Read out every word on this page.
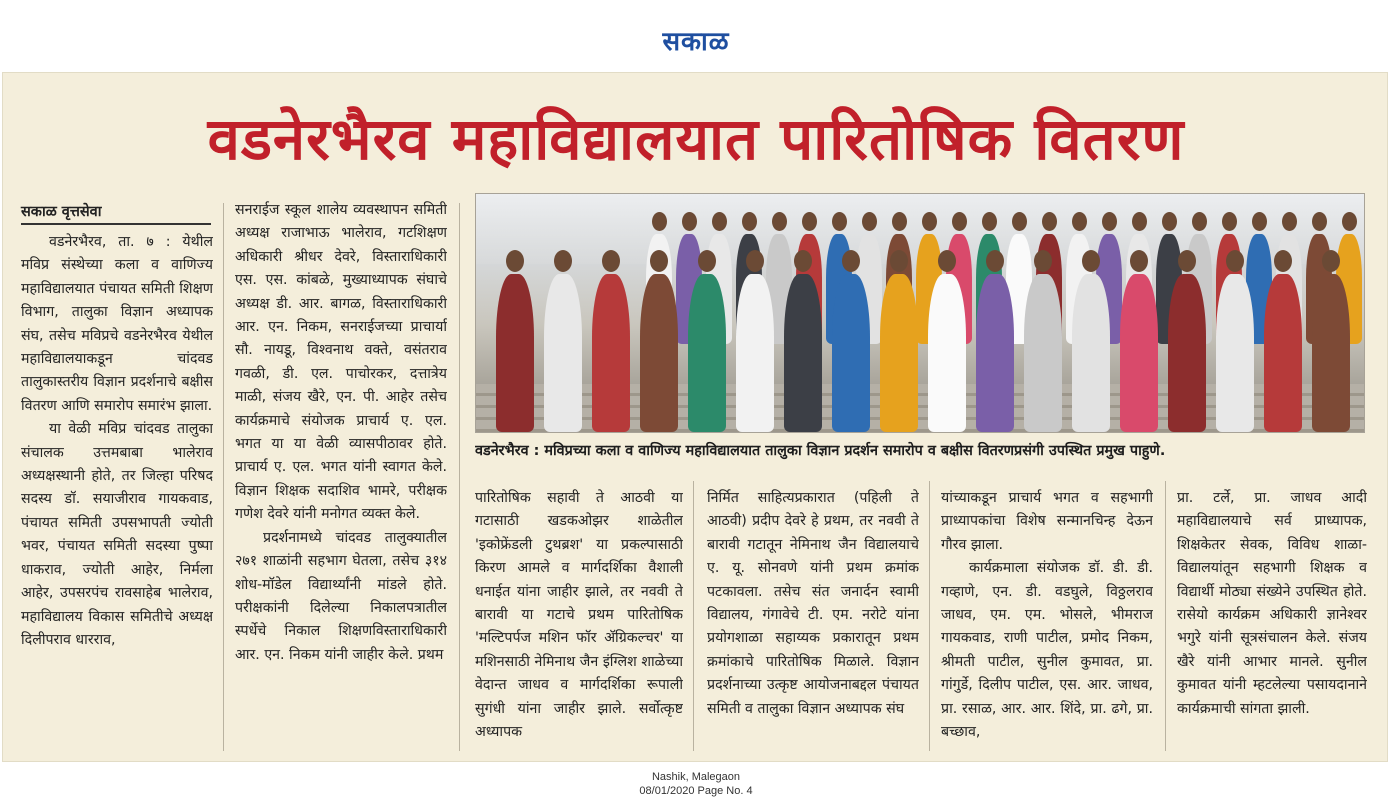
सकाळ
वडनेरभैरव महाविद्यालयात पारितोषिक वितरण
सकाळ वृत्तसेवा

वडनेरभैरव, ता. ७ : येथील मविप्र संस्थेच्या कला व वाणिज्य महाविद्यालयात पंचायत समिती शिक्षण विभाग, तालुका विज्ञान अध्यापक संघ, तसेच मविप्रचे वडनेरभैरव येथील महाविद्यालयाकडून चांदवड तालुकास्तरीय विज्ञान प्रदर्शनाचे बक्षीस वितरण आणि समारोप समारंभ झाला.

या वेळी मविप्र चांदवड तालुका संचालक उत्तमबाबा भालेराव अध्यक्षस्थानी होते, तर जिल्हा परिषद सदस्य डॉ. सयाजीराव गायकवाड, पंचायत समिती उपसभापती ज्योती भवर, पंचायत समिती सदस्या पुष्पा धाकराव, ज्योती आहेर, निर्मला आहेर, उपसरपंच रावसाहेब भालेराव, महाविद्यालय विकास समितीचे अध्यक्ष दिलीपराव धारराव,

सनराईज स्कूल शालेय व्यवस्थापन समिती अध्यक्ष राजाभाऊ भालेराव, गटशिक्षण अधिकारी श्रीधर देवरे, विस्ताराधिकारी एस. एस. कांबळे, मुख्याध्यापक संघाचे अध्यक्ष डी. आर. बागळ, विस्ताराधिकारी आर. एन. निकम, सनराईजच्या प्राचार्या सौ. नायडू, विश्वनाथ वक्ते, वसंतराव गवळी, डी. एल. पाचोरकर, दत्तात्रेय माळी, संजय खैरे, एन. पी. आहेर तसेच कार्यक्रमाचे संयोजक प्राचार्य ए. एल. भगत या या वेळी व्यासपीठावर होते. प्राचार्य ए. एल. भगत यांनी स्वागत केले. विज्ञान शिक्षक सदाशिव भामरे, परीक्षक गणेश देवरे यांनी मनोगत व्यक्त केले.

प्रदर्शनामध्ये चांदवड तालुक्यातील २७१ शाळांनी सहभाग घेतला, तसेच ३१४ शोध-मॉडेल विद्यार्थ्यांनी मांडले होते. परीक्षकांनी दिलेल्या निकालपत्रातील स्पर्धेचे निकाल शिक्षणविस्ताराधिकारी आर. एन. निकम यांनी जाहीर केले. प्रथम

वडनेरभैरव : मविप्रच्या कला व वाणिज्य महाविद्यालयात तालुका विज्ञान प्रदर्शन समारोप व बक्षीस वितरणप्रसंगी उपस्थित प्रमुख पाहुणे.

पारितोषिक सहावी ते आठवी या गटासाठी खडकओझर शाळेतील 'इकोफ्रेंडली टुथब्रश' या प्रकल्पासाठी किरण आमले व मार्गदर्शिका वैशाली धनाईत यांना जाहीर झाले, तर नववी ते बारावी या गटाचे प्रथम पारितोषिक 'मल्टिपर्पज मशिन फॉर ॲग्रिकल्चर' या मशिनसाठी नेमिनाथ जैन इंग्लिश शाळेच्या वेदान्त जाधव व मार्गदर्शिका रूपाली सुगंधी यांना जाहीर झाले. सर्वोत्कृष्ट अध्यापक

निर्मित साहित्यप्रकारात (पहिली ते आठवी) प्रदीप देवरे हे प्रथम, तर नववी ते बारावी गटातून नेमिनाथ जैन विद्यालयाचे ए. यू. सोनवणे यांनी प्रथम क्रमांक पटकावला. तसेच संत जनार्दन स्वामी विद्यालय, गंगावेचे टी. एम. नरोटे यांना प्रयोगशाळा सहाय्यक प्रकारातून प्रथम क्रमांकाचे पारितोषिक मिळाले. विज्ञान प्रदर्शनाच्या उत्कृष्ट आयोजनाबद्दल पंचायत समिती व तालुका विज्ञान अध्यापक संघ

यांच्याकडून प्राचार्य भगत व सहभागी प्राध्यापकांचा विशेष सन्मानचिन्ह देऊन गौरव झाला.

कार्यक्रमाला संयोजक डॉ. डी. डी. गव्हाणे, एन. डी. वडघुले, विठ्ठलराव जाधव, एम. एम. भोसले, भीमराज गायकवाड, राणी पाटील, प्रमोद निकम, श्रीमती पाटील, सुनील कुमावत, प्रा. गांगुर्डे, दिलीप पाटील, एस. आर. जाधव, प्रा. रसाळ, आर. आर. शिंदे, प्रा. ढगे, प्रा. बच्छाव,

प्रा. टर्ले, प्रा. जाधव आदी महाविद्यालयाचे सर्व प्राध्यापक, शिक्षकेतर सेवक, विविध शाळा-विद्यालयांतून सहभागी शिक्षक व विद्यार्थी मोठ्या संख्येने उपस्थित होते. रासेयो कार्यक्रम अधिकारी ज्ञानेश्वर भगुरे यांनी सूत्रसंचालन केले. संजय खैरे यांनी आभार मानले. सुनील कुमावत यांनी म्हटलेल्या पसायदानाने कार्यक्रमाची सांगता झाली.

Nashik, Malegaon
08/01/2020 Page No. 4
